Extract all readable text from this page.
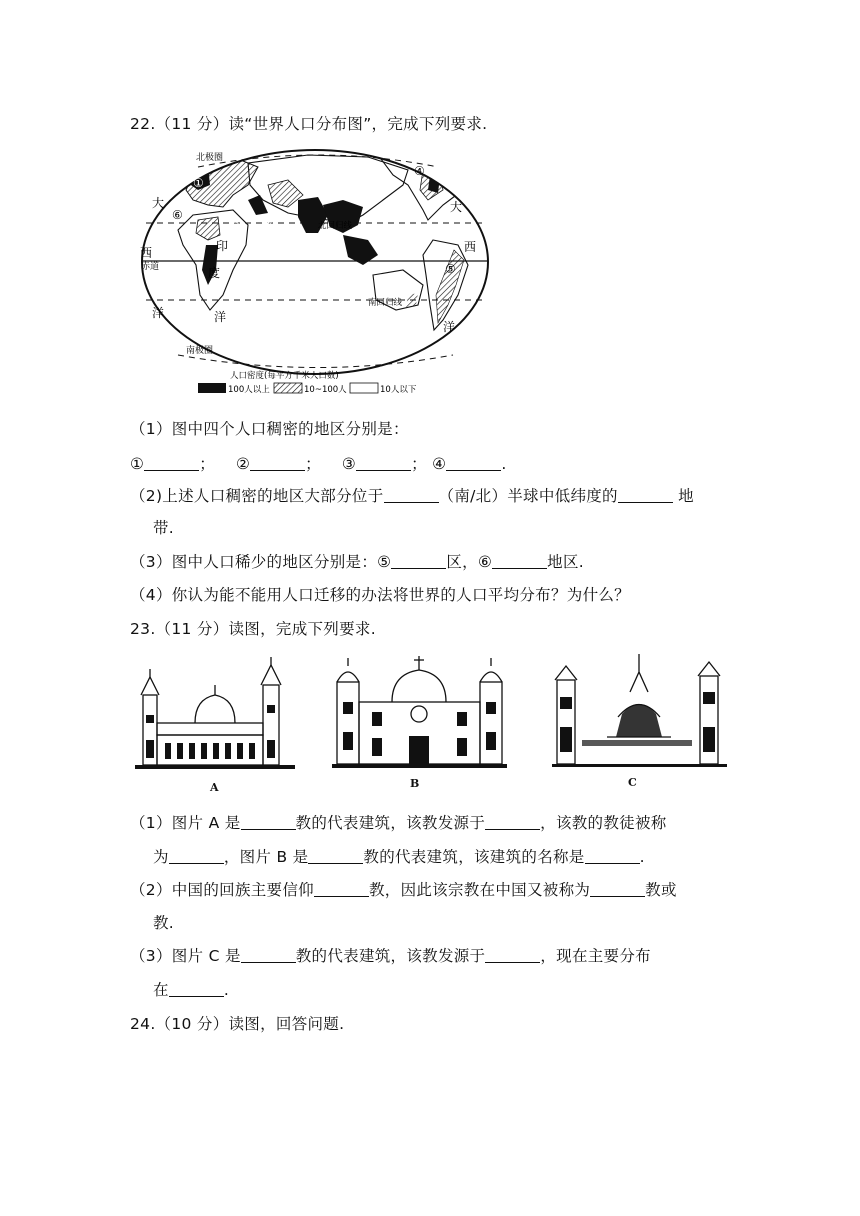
22.（11 分）读“世界人口分布图”，完成下列要求.
北极圈
北回归线
南回归线
赤道
南极圈
大
西
洋
印
度
洋
大
西
洋
①
② ③
④
⑤
⑥
人口密度(每平方千米人口数)
100人以上	10~100人	10人以下
（1）图中四个人口稠密的地区分别是：
①	； ②	； ③	； ④	.
（2)上述人口稠密的地区大部分位于	（南/北）半球中低纬度的	地
带.
（3）图中人口稀少的地区分别是：⑤	区，⑥	地区.
（4）你认为能不能用人口迁移的办法将世界的人口平均分布？为什么？
23.（11 分）读图，完成下列要求.
A	B	C
（1）图片 A 是	教的代表建筑，该教发源于	，该教的教徒被称
为	，图片 B 是	教的代表建筑，该建筑的名称是	.
（2）中国的回族主要信仰	教，因此该宗教在中国又被称为	教或
教.
（3）图片 C 是	教的代表建筑，该教发源于	，现在主要分布
在	.
24.（10 分）读图，回答问题.
